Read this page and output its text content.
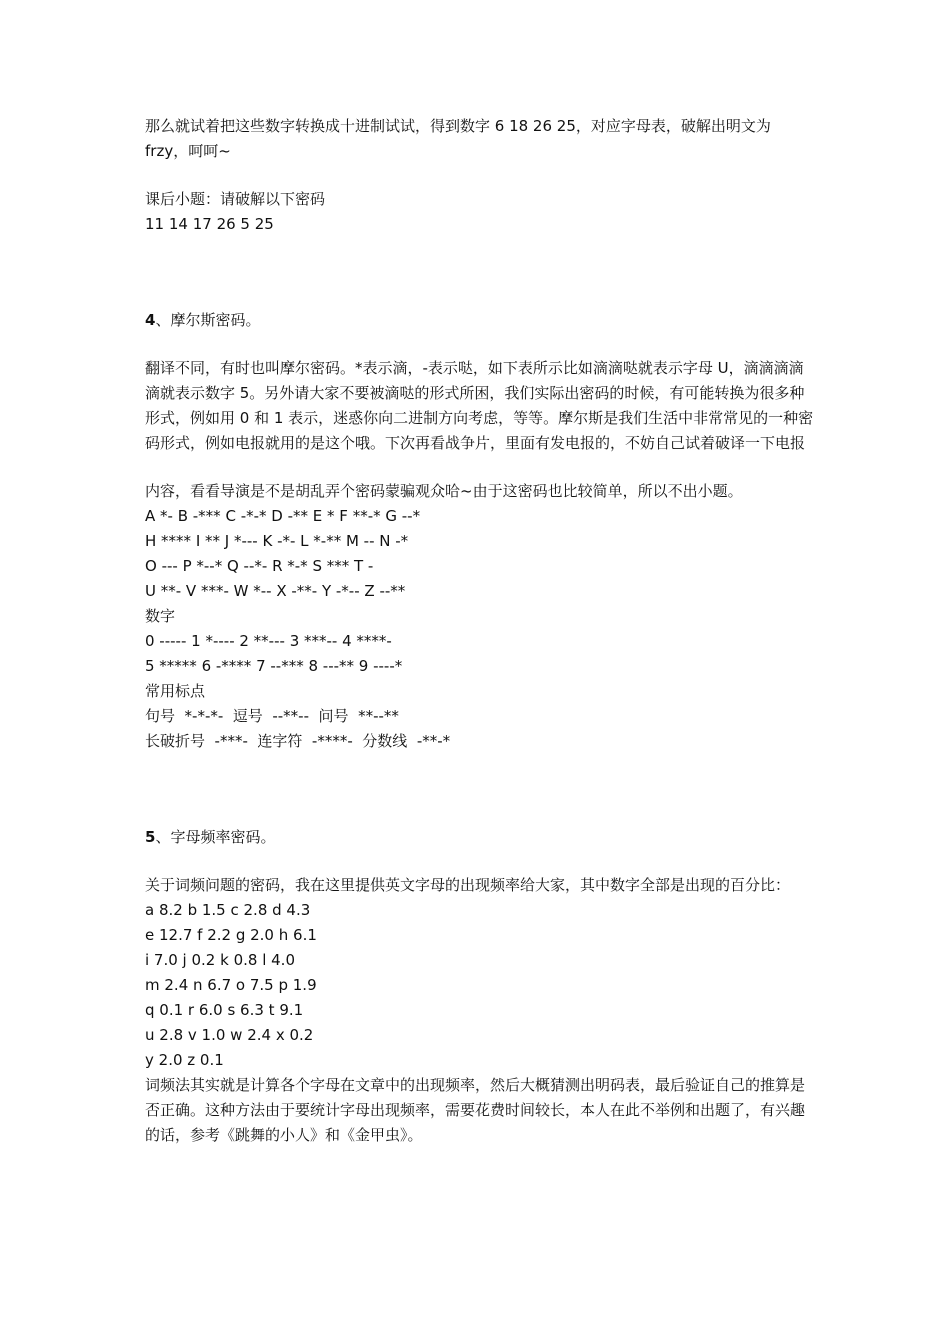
那么就试着把这些数字转换成十进制试试，得到数字 6 18 26 25，对应字母表，破解出明文为 frzy，呵呵~
课后小题：请破解以下密码
11 14 17 26 5 25
4、摩尔斯密码。
翻译不同，有时也叫摩尔密码。*表示滴，-表示哒，如下表所示比如滴滴哒就表示字母 U，滴滴滴滴滴就表示数字 5。另外请大家不要被滴哒的形式所困，我们实际出密码的时候，有可能转换为很多种形式，例如用 0 和 1 表示，迷惑你向二进制方向考虑，等等。摩尔斯是我们生活中非常常见的一种密码形式，例如电报就用的是这个哦。下次再看战争片，里面有发电报的，不妨自己试着破译一下电报
内容，看看导演是不是胡乱弄个密码蒙骗观众哈~由于这密码也比较简单，所以不出小题。
A *- B -*** C -*-* D -** E * F **-* G --*
H **** I ** J *--- K -*- L *-** M -- N -*
O --- P *--* Q --*- R *-* S *** T -
U **- V ***- W *-- X -**- Y -*-- Z --**
数字
0 ----- 1 *---- 2 **--- 3 ***-- 4 ****-
5 ***** 6 -**** 7 --*** 8 ---** 9 ----*
常用标点
句号  *-*-*-  逗号  --**--  问号  **--**
长破折号  -***-  连字符  -****-  分数线  -**-*
5、字母频率密码。
关于词频问题的密码，我在这里提供英文字母的出现频率给大家，其中数字全部是出现的百分比：
a 8.2 b 1.5 c 2.8 d 4.3
e 12.7 f 2.2 g 2.0 h 6.1
i 7.0 j 0.2 k 0.8 l 4.0
m 2.4 n 6.7 o 7.5 p 1.9
q 0.1 r 6.0 s 6.3 t 9.1
u 2.8 v 1.0 w 2.4 x 0.2
y 2.0 z 0.1
词频法其实就是计算各个字母在文章中的出现频率，然后大概猜测出明码表，最后验证自己的推算是否正确。这种方法由于要统计字母出现频率，需要花费时间较长，本人在此不举例和出题了，有兴趣的话，参考《跳舞的小人》和《金甲虫》。
